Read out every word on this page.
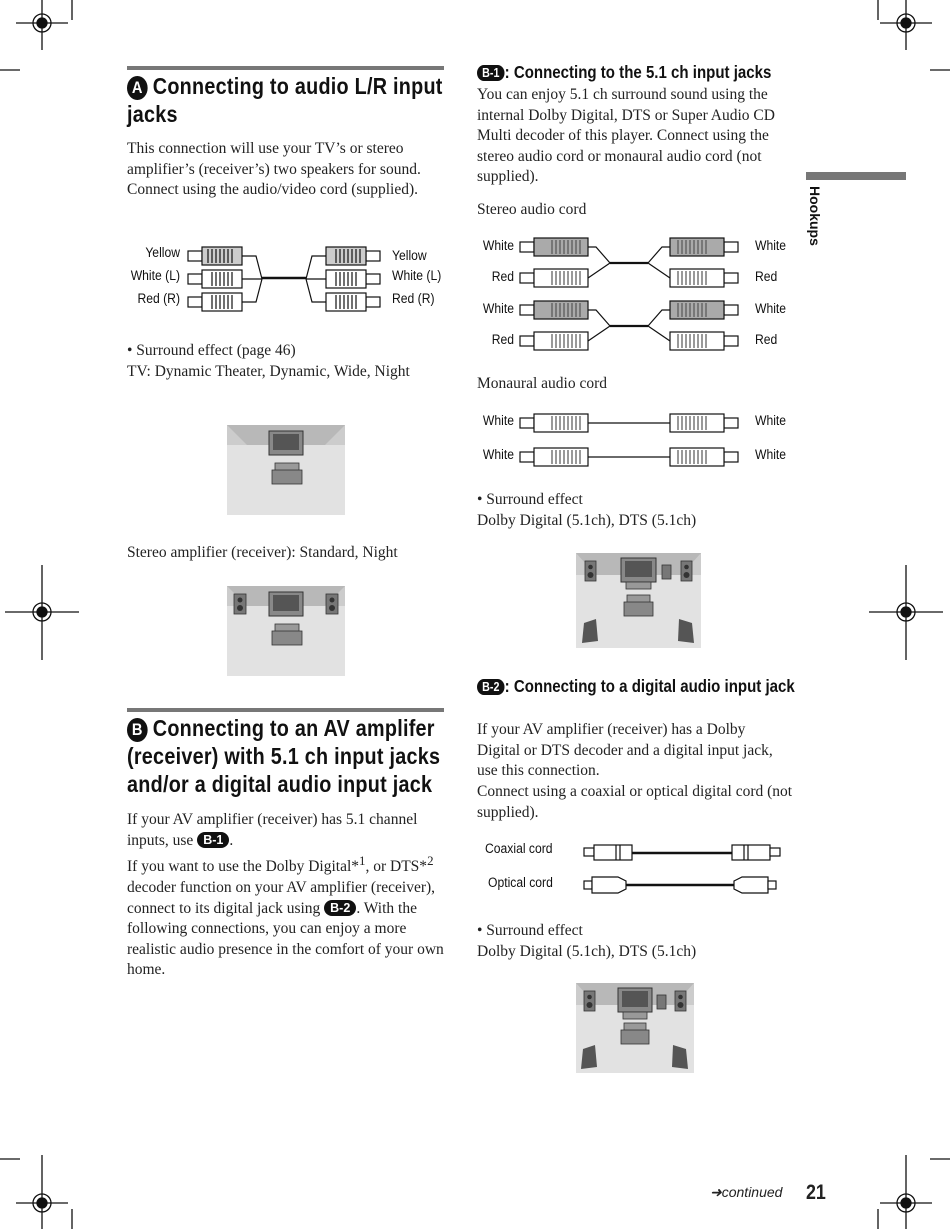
Hookups
A Connecting to audio L/R input jacks
This connection will use your TV’s or stereo amplifier’s (receiver’s) two speakers for sound. Connect using the audio/video cord (supplied).
Yellow
White (L)
Red (R)
Yellow
White (L)
Red (R)
• Surround effect (page 46)
TV: Dynamic Theater, Dynamic, Wide, Night
Stereo amplifier (receiver): Standard, Night
B Connecting to an AV amplifer (receiver) with 5.1 ch input jacks and/or a digital audio input jack
If your AV amplifier (receiver) has 5.1 channel inputs, use B-1 .
If you want to use the Dolby Digital*$^1$, or DTS*$^2$ decoder function on your AV amplifier (receiver), connect to its digital jack using B-2 . With the following connections, you can enjoy a more realistic audio presence in the comfort of your own home.
B-1 : Connecting to the 5.1 ch input jacks
You can enjoy 5.1 ch surround sound using the internal Dolby Digital, DTS or Super Audio CD Multi decoder of this player. Connect using the stereo audio cord or monaural audio cord (not supplied).
Stereo audio cord
White
Red
White
Red
White
Red
White
Red
Monaural audio cord
White
White
White
White
• Surround effect
Dolby Digital (5.1ch), DTS (5.1ch)
B-2 : Connecting to a digital audio input jack
If your AV amplifier (receiver) has a Dolby Digital or DTS decoder and a digital input jack, use this connection.
Connect using a coaxial or optical digital cord (not supplied).
Coaxial cord
Optical cord
• Surround effect
Dolby Digital (5.1ch), DTS (5.1ch)
➜continued 21
